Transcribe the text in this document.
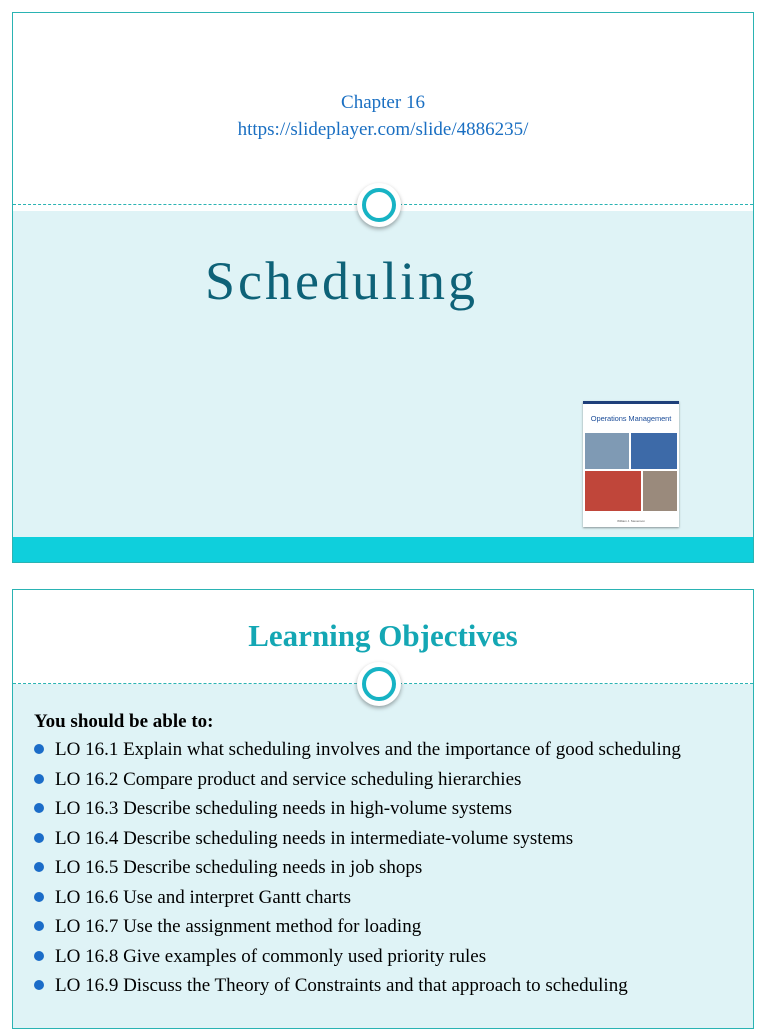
Chapter 16
https://slideplayer.com/slide/4886235/
Scheduling
Operations Management
William J. Stevenson
Learning Objectives

You should be able to:

LO 16.1 Explain what scheduling involves and the importance of good scheduling
LO 16.2 Compare product and service scheduling hierarchies
LO 16.3 Describe scheduling needs in high-volume systems
LO 16.4 Describe scheduling needs in intermediate-volume systems
LO 16.5 Describe scheduling needs in job shops
LO 16.6 Use and interpret Gantt charts
LO 16.7 Use the assignment method for loading
LO 16.8 Give examples of commonly used priority rules
LO 16.9 Discuss the Theory of Constraints and that approach to scheduling
